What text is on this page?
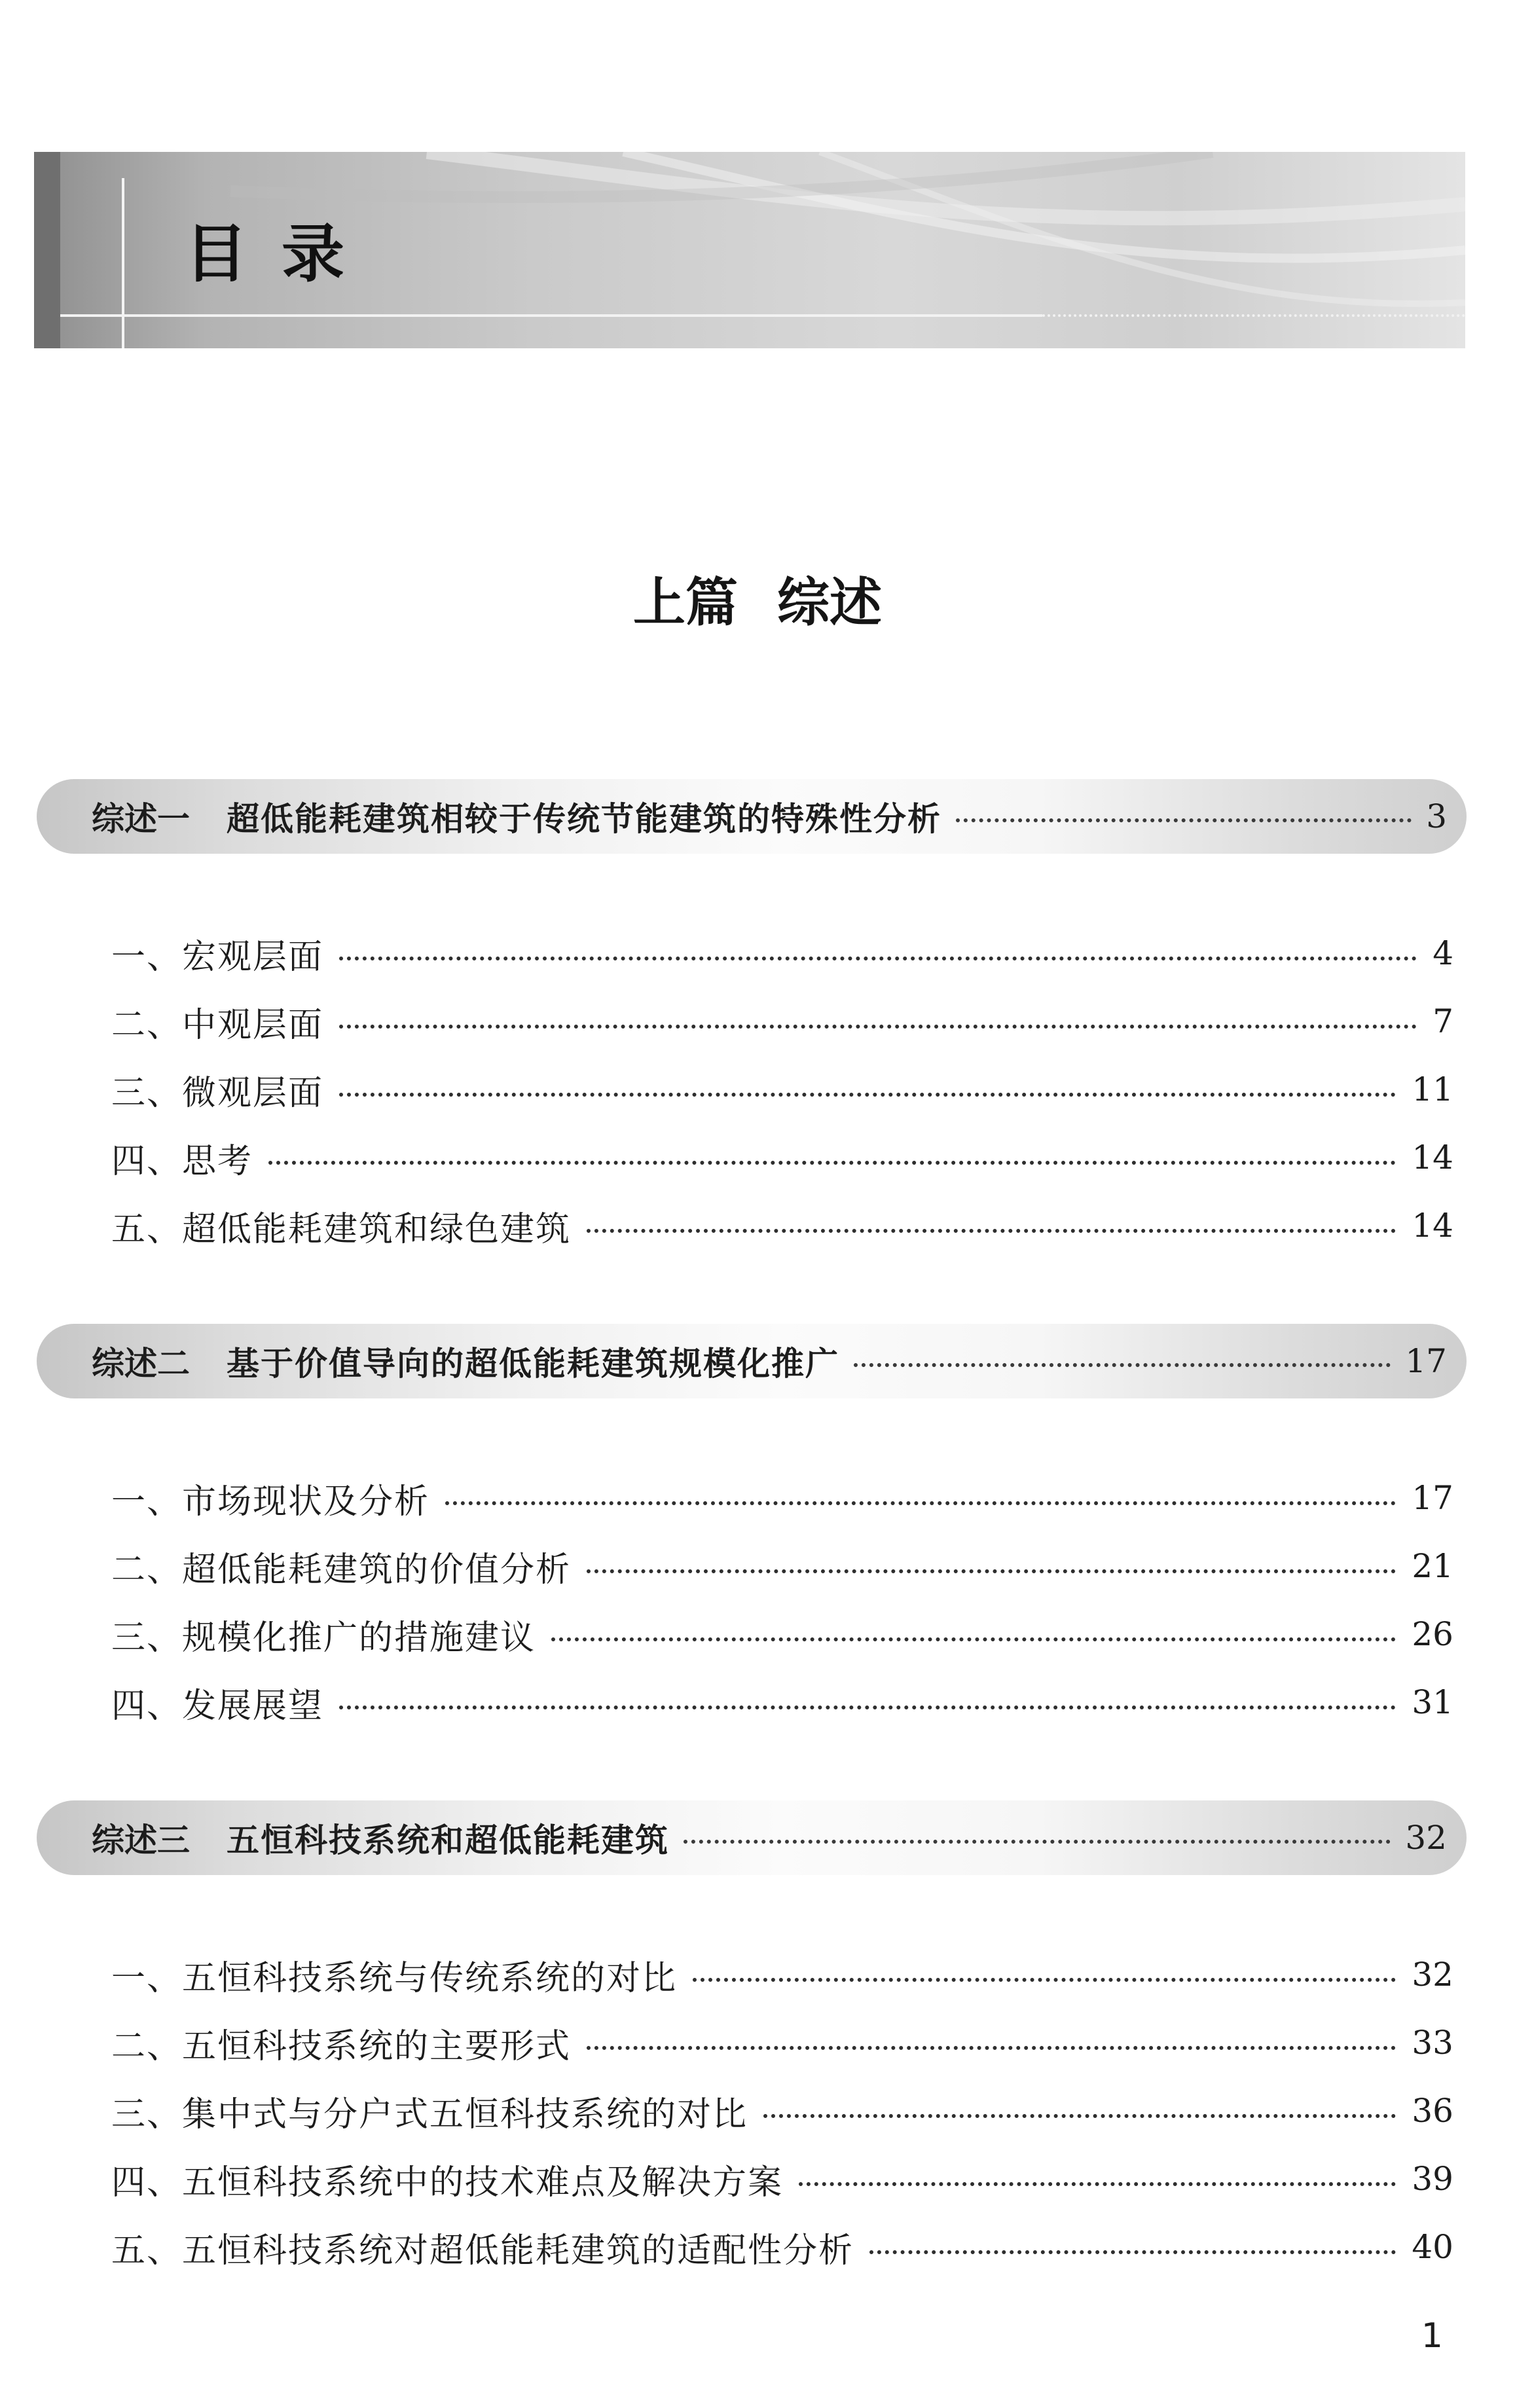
目录
上篇 综述
综述一 超低能耗建筑相较于传统节能建筑的特殊性分析	3
一、宏观层面	4
二、中观层面	7
三、微观层面	11
四、思考	14
五、超低能耗建筑和绿色建筑	14
综述二 基于价值导向的超低能耗建筑规模化推广	17
一、市场现状及分析	17
二、超低能耗建筑的价值分析	21
三、规模化推广的措施建议	26
四、发展展望	31
综述三 五恒科技系统和超低能耗建筑	32
一、五恒科技系统与传统系统的对比	32
二、五恒科技系统的主要形式	33
三、集中式与分户式五恒科技系统的对比	36
四、五恒科技系统中的技术难点及解决方案	39
五、五恒科技系统对超低能耗建筑的适配性分析	40

1
